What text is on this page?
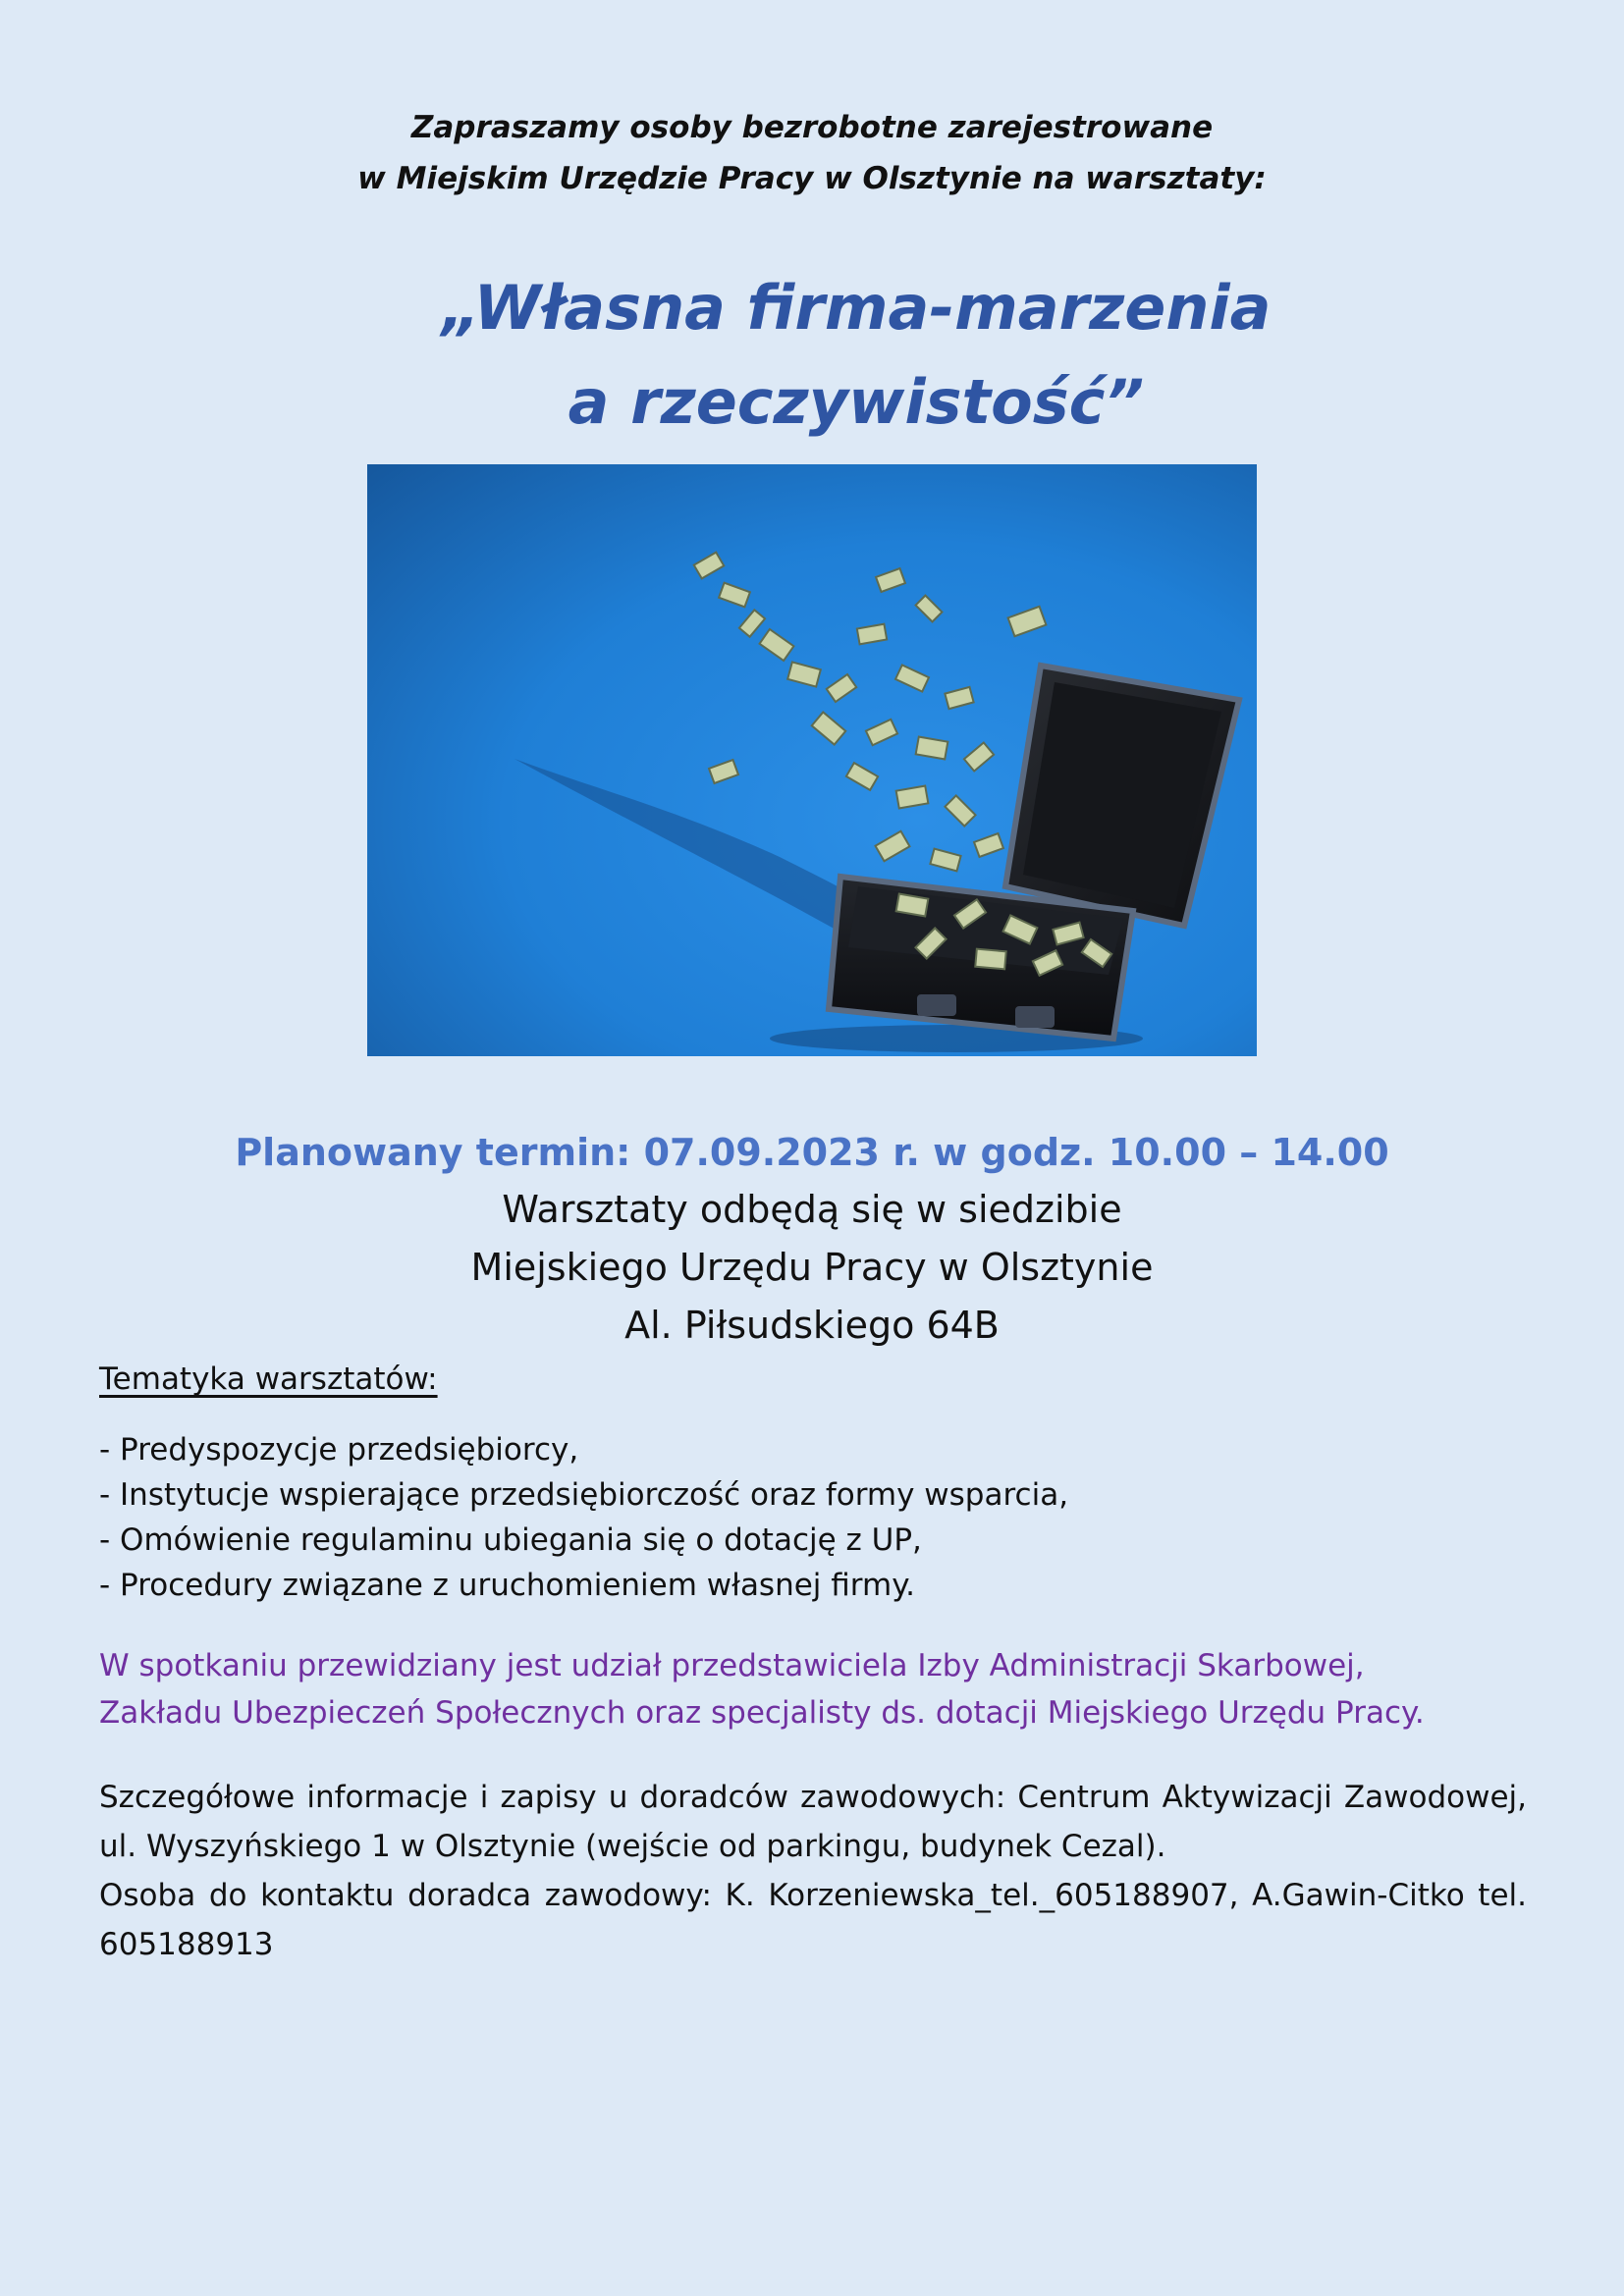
Zapraszamy osoby bezrobotne zarejestrowane
w Miejskim Urzędzie Pracy w Olsztynie na warsztaty:
„Własna firma-marzenia
a rzeczywistość”
Planowany termin: 07.09.2023 r. w godz. 10.00 – 14.00
Warsztaty odbędą się w siedzibie
Miejskiego Urzędu Pracy w Olsztynie
Al. Piłsudskiego 64B
Tematyka warsztatów:
- Predyspozycje przedsiębiorcy,
- Instytucje wspierające przedsiębiorczość oraz formy wsparcia,
- Omówienie regulaminu ubiegania się o dotację z UP,
- Procedury związane z uruchomieniem własnej firmy.
W spotkaniu przewidziany jest udział przedstawiciela Izby Administracji Skarbowej,
Zakładu Ubezpieczeń Społecznych oraz specjalisty ds. dotacji Miejskiego Urzędu Pracy.

Szczegółowe informacje i zapisy u doradców zawodowych: Centrum Aktywizacji Zawodowej, ul. Wyszyńskiego 1 w Olsztynie (wejście od parkingu, budynek Cezal).

Osoba do kontaktu doradca zawodowy: K. Korzeniewska_tel._605188907, A.Gawin-Citko tel. 605188913
